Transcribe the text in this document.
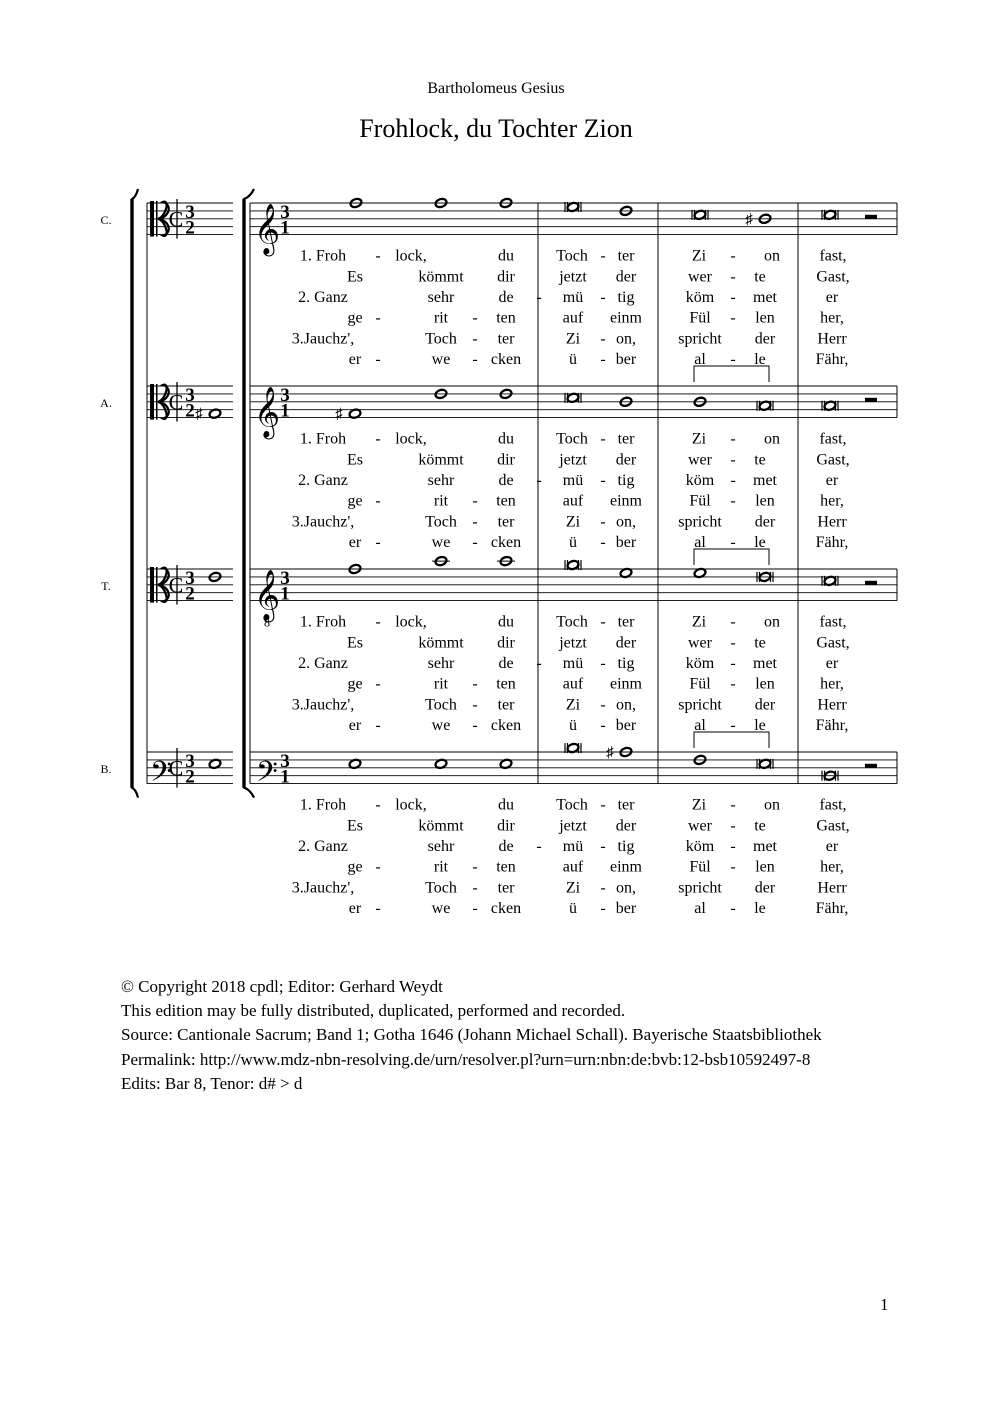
Bartholomeus Gesius
Frohlock, du Tochter Zion
C.	C 3
2 𝄞 3
1	♯
1. Froh - lock,	du	Toch - ter	Zi - on fast,
Es	kömmt dir	jetzt der	wer - te	Gast,
2. Ganz	sehr	de - mü - tig	köm - met	er
ge -	rit - ten	auf einm	Fül - len	her,
3.Jauchz',	Toch - ter	Zi - on,	spricht der	Herr
er -	we - cken	ü - ber	al - le	Fähr,
A.	C 3
2 ♯ 𝄞 3
1	♯
1. Froh - lock,	du	Toch - ter	Zi - on fast,
Es	kömmt dir	jetzt der	wer - te	Gast,
2. Ganz	sehr	de - mü - tig	köm - met	er
ge -	rit - ten	auf einm	Fül - len	her,
3.Jauchz',	Toch - ter	Zi - on,	spricht der	Herr
er -	we - cken	ü - ber	al - le	Fähr,
T.	C 3
2 𝄞
8
3
1
1. Froh - lock,	du	Toch - ter	Zi - on fast,
Es	kömmt dir	jetzt der	wer - te	Gast,
2. Ganz	sehr	de - mü - tig	köm - met	er
ge -	rit - ten	auf einm	Fül - len	her,
3.Jauchz',	Toch - ter	Zi - on,	spricht der	Herr
er -	we - cken	ü - ber	al - le	Fähr,
B. 𝄢
C 3
2 𝄢 3
1
♯
1. Froh - lock,	du	Toch - ter	Zi - on fast,
Es	kömmt dir	jetzt der	wer - te	Gast,
2. Ganz	sehr	de - mü - tig	köm - met	er
ge -	rit - ten	auf einm	Fül - len	her,
3.Jauchz',	Toch - ter	Zi - on,	spricht der	Herr
er -	we - cken	ü - ber	al - le	Fähr,
© Copyright 2018 cpdl; Editor: Gerhard Weydt
This edition may be fully distributed, duplicated, performed and recorded.
Source: Cantionale Sacrum; Band 1; Gotha 1646 (Johann Michael Schall). Bayerische Staatsbibliothek
Permalink: http://www.mdz-nbn-resolving.de/urn/resolver.pl?urn=urn:nbn:de:bvb:12-bsb10592497-8
Edits: Bar 8, Tenor: d# > d
1
